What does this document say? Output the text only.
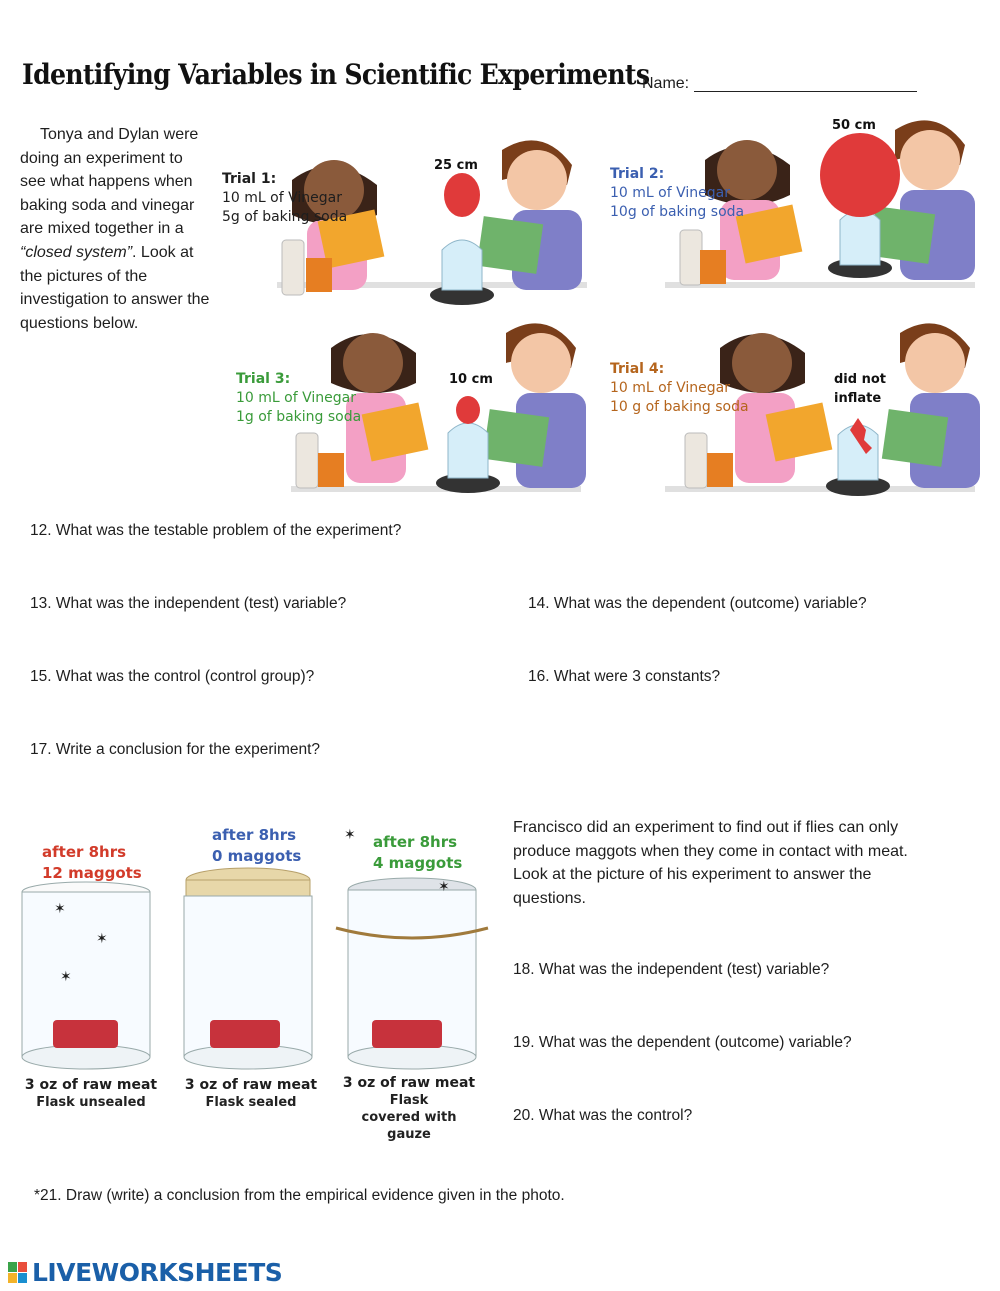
Identifying Variables in Scientific Experiments
Name:
Tonya and Dylan were doing an experiment to see what happens when baking soda and vinegar are mixed together in a “closed system”. Look at the pictures of the investigation to answer the questions below.
Trial 1:
10 mL of Vinegar
5g of baking soda
25 cm
Trial 2:
10 mL of Vinegar
10g of baking soda
50 cm
Trial 3:
10 mL of Vinegar
1g of baking soda
10 cm
Trial 4:
10 mL of Vinegar
10 g of baking soda
did not inflate
12. What was the testable problem of the experiment?
13. What was the independent (test) variable?	14. What was the dependent (outcome) variable?
15. What was the control (control group)?	16. What were 3 constants?
17. Write a conclusion for the experiment?
✶
✶
✶
✶
✶
after 8hrs
12 maggots
after 8hrs
0 maggots
after 8hrs
4 maggots
3 oz of raw meat
Flask unsealed
3 oz of raw meat
Flask sealed
3 oz of raw meat
Flask covered with gauze
Francisco did an experiment to find out if flies can only produce maggots when they come in contact with meat. Look at the picture of his experiment to answer the questions.
18. What was the independent (test) variable?
19. What was the dependent (outcome) variable?
20. What was the control?
*21. Draw (write) a conclusion from the empirical evidence given in the photo.
LIVEWORKSHEETS
